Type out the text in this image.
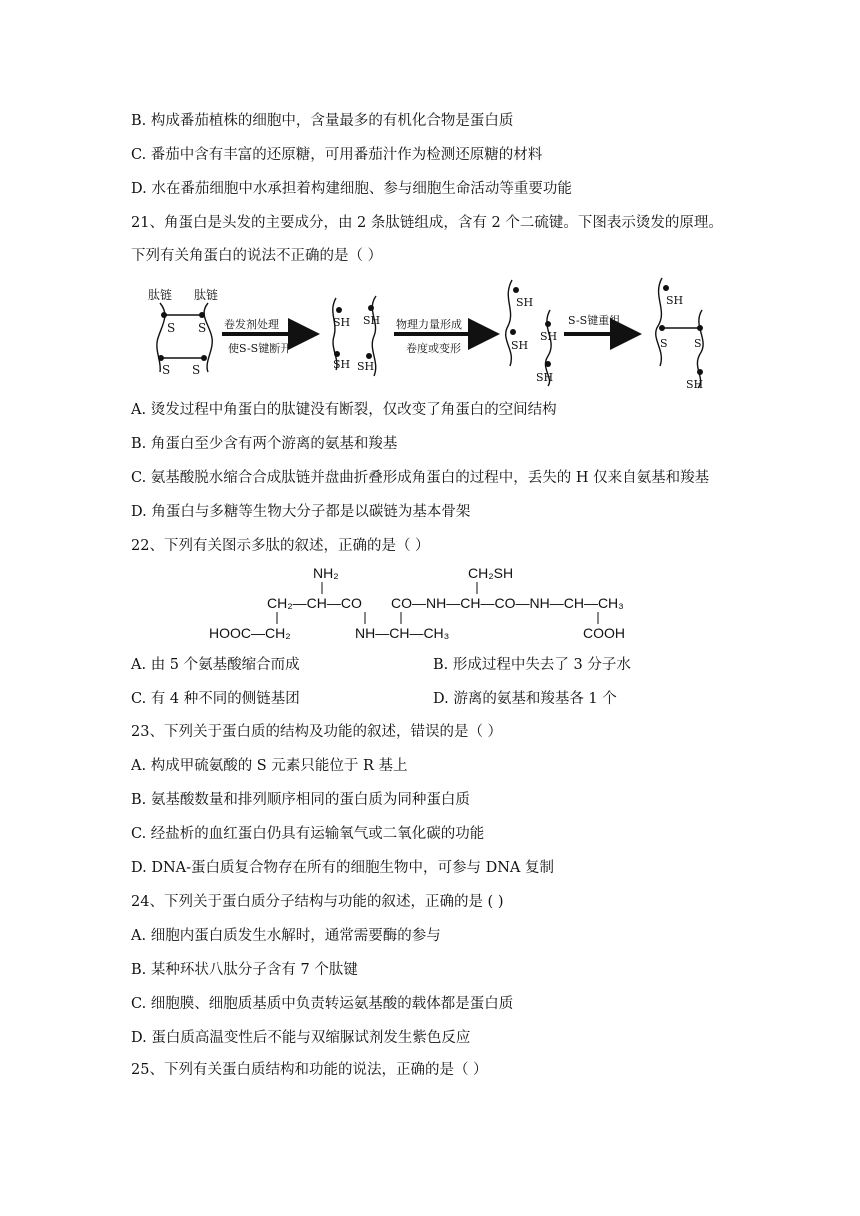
B. 构成番茄植株的细胞中，含量最多的有机化合物是蛋白质
C. 番茄中含有丰富的还原糖，可用番茄汁作为检测还原糖的材料
D. 水在番茄细胞中水承担着构建细胞、参与细胞生命活动等重要功能
21、角蛋白是头发的主要成分，由 2 条肽链组成，含有 2 个二硫键。下图表示烫发的原理。
下列有关角蛋白的说法不正确的是（ ）
肽链 肽链
S S
S S
卷发剂处理
使S-S键断开
SH SH
SH SH
物理力量形成
卷度或变形
SH
SH
SH
SH
S-S键重组
SH
S S
SH
A. 烫发过程中角蛋白的肽键没有断裂，仅改变了角蛋白的空间结构
B. 角蛋白至少含有两个游离的氨基和羧基
C. 氨基酸脱水缩合合成肽链并盘曲折叠形成角蛋白的过程中，丢失的 H 仅来自氨基和羧基
D. 角蛋白与多糖等生物大分子都是以碳链为基本骨架
22、下列有关图示多肽的叙述，正确的是（ ）
NH₂	CH₂SH
CH₂—CH—CO CO—NH—CH—CO—NH—CH—CH₃
HOOC—CH₂	NH—CH—CH₃	COOH
A. 由 5 个氨基酸缩合而成	B. 形成过程中失去了 3 分子水
C. 有 4 种不同的侧链基团	D. 游离的氨基和羧基各 1 个
23、下列关于蛋白质的结构及功能的叙述，错误的是（ ）
A. 构成甲硫氨酸的 S 元素只能位于 R 基上
B. 氨基酸数量和排列顺序相同的蛋白质为同种蛋白质
C. 经盐析的血红蛋白仍具有运输氧气或二氧化碳的功能
D. DNA-蛋白质复合物存在所有的细胞生物中，可参与 DNA 复制
24、下列关于蛋白质分子结构与功能的叙述，正确的是 ( )
A. 细胞内蛋白质发生水解时，通常需要酶的参与
B. 某种环状八肽分子含有 7 个肽键
C. 细胞膜、细胞质基质中负责转运氨基酸的载体都是蛋白质
D. 蛋白质高温变性后不能与双缩脲试剂发生紫色反应
25、下列有关蛋白质结构和功能的说法，正确的是（ ）
